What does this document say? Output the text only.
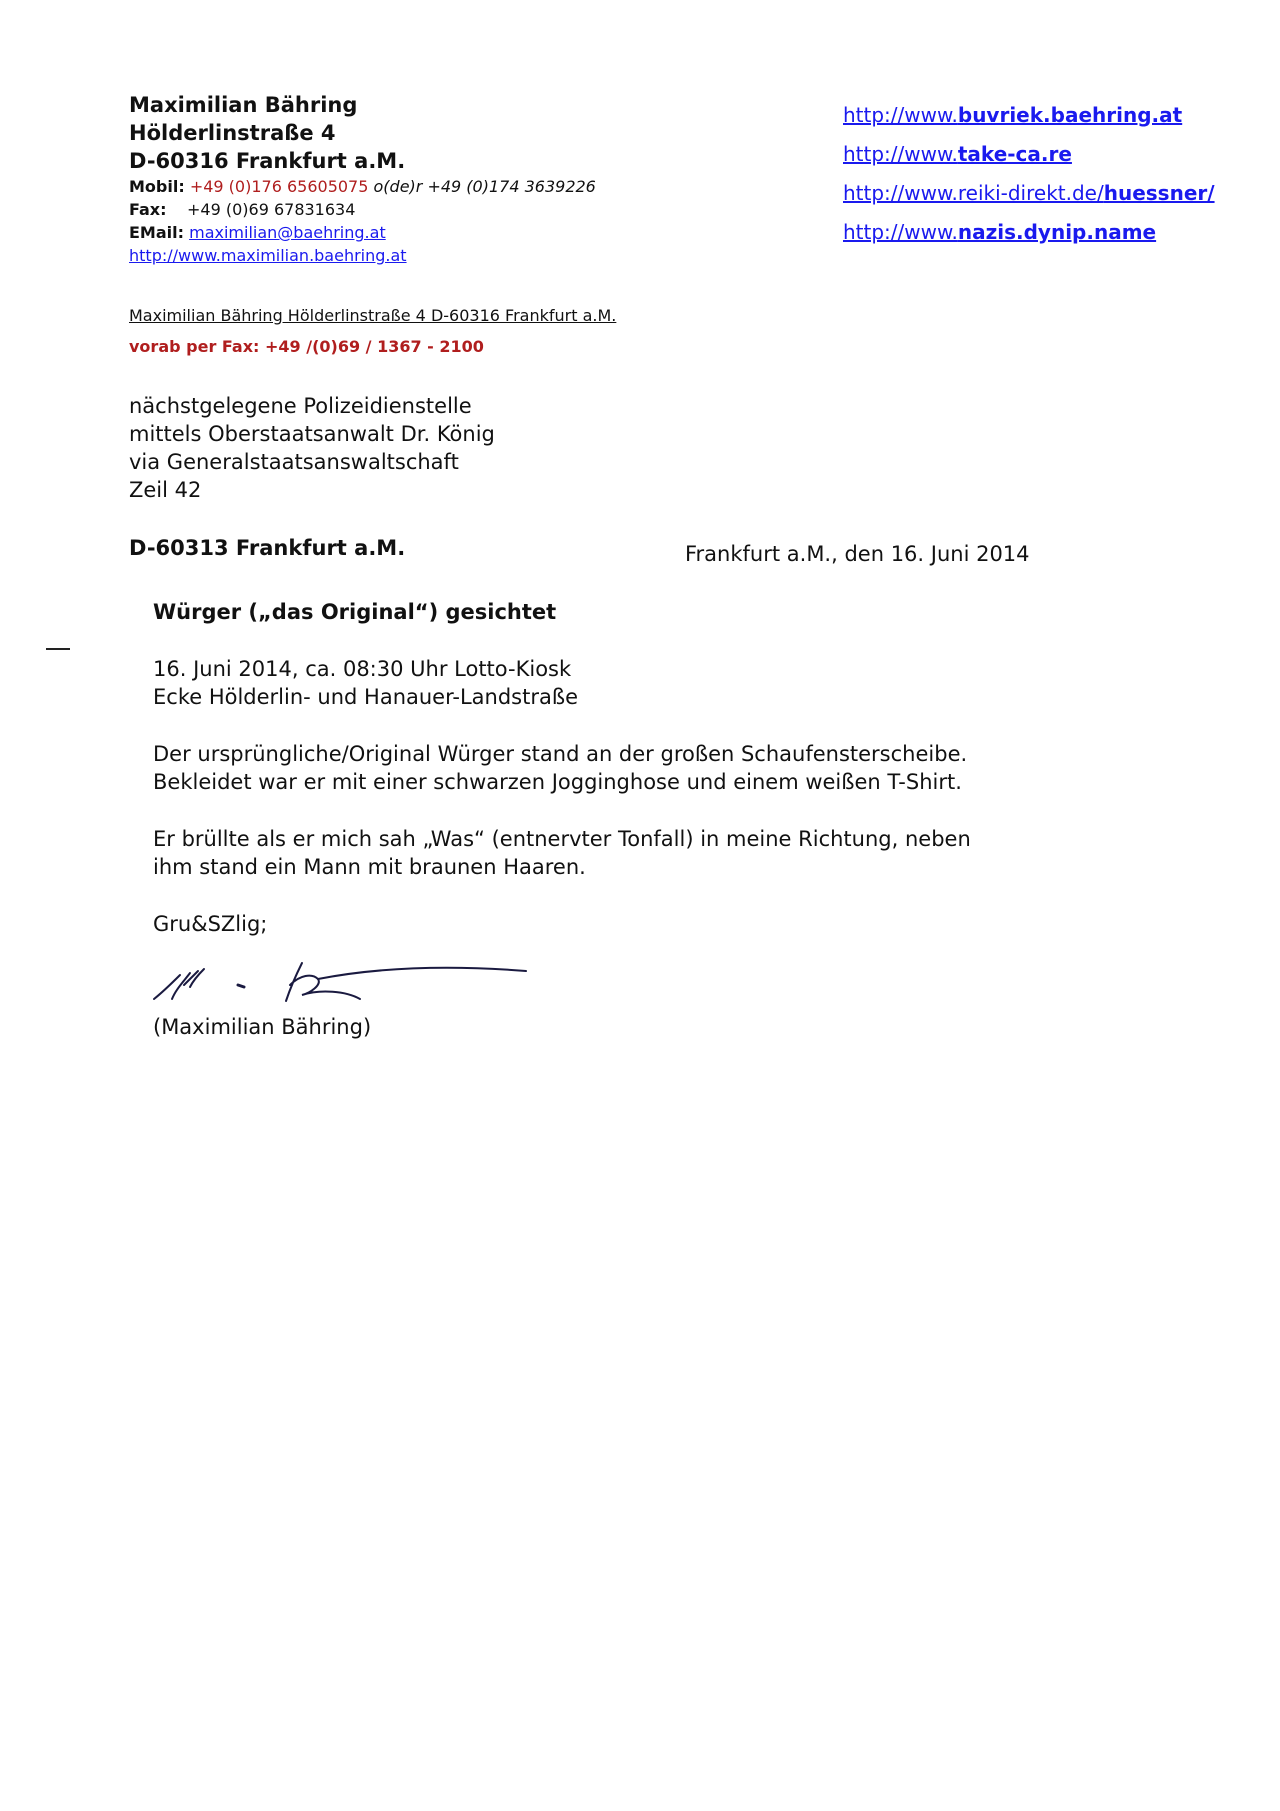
Maximilian Bähring
Hölderlinstraße 4
D-60316 Frankfurt a.M.
Mobil: +49 (0)176 65605075 o(de)r +49 (0)174 3639226
Fax: +49 (0)69 67831634
EMail: maximilian@baehring.at
http://www.maximilian.baehring.at
http://www.buvriek.baehring.at
http://www.take-ca.re
http://www.reiki-direkt.de/huessner/
http://www.nazis.dynip.name
Maximilian Bähring Hölderlinstraße 4 D-60316 Frankfurt a.M.
vorab per Fax: +49 /(0)69 / 1367 - 2100
nächstgelegene Polizeidienstelle
mittels Oberstaatsanwalt Dr. König
via Generalstaatsanswaltschaft
Zeil 42
D-60313 Frankfurt a.M.	Frankfurt a.M., den 16. Juni 2014
Würger („das Original“) gesichtet
16. Juni 2014, ca. 08:30 Uhr Lotto-Kiosk
Ecke Hölderlin- und Hanauer-Landstraße
Der ursprüngliche/Original Würger stand an der großen Schaufensterscheibe.
Bekleidet war er mit einer schwarzen Jogginghose und einem weißen T-Shirt.
Er brüllte als er mich sah „Was“ (entnervter Tonfall) in meine Richtung, neben
ihm stand ein Mann mit braunen Haaren.
Gru&SZlig;
(Maximilian Bähring)
